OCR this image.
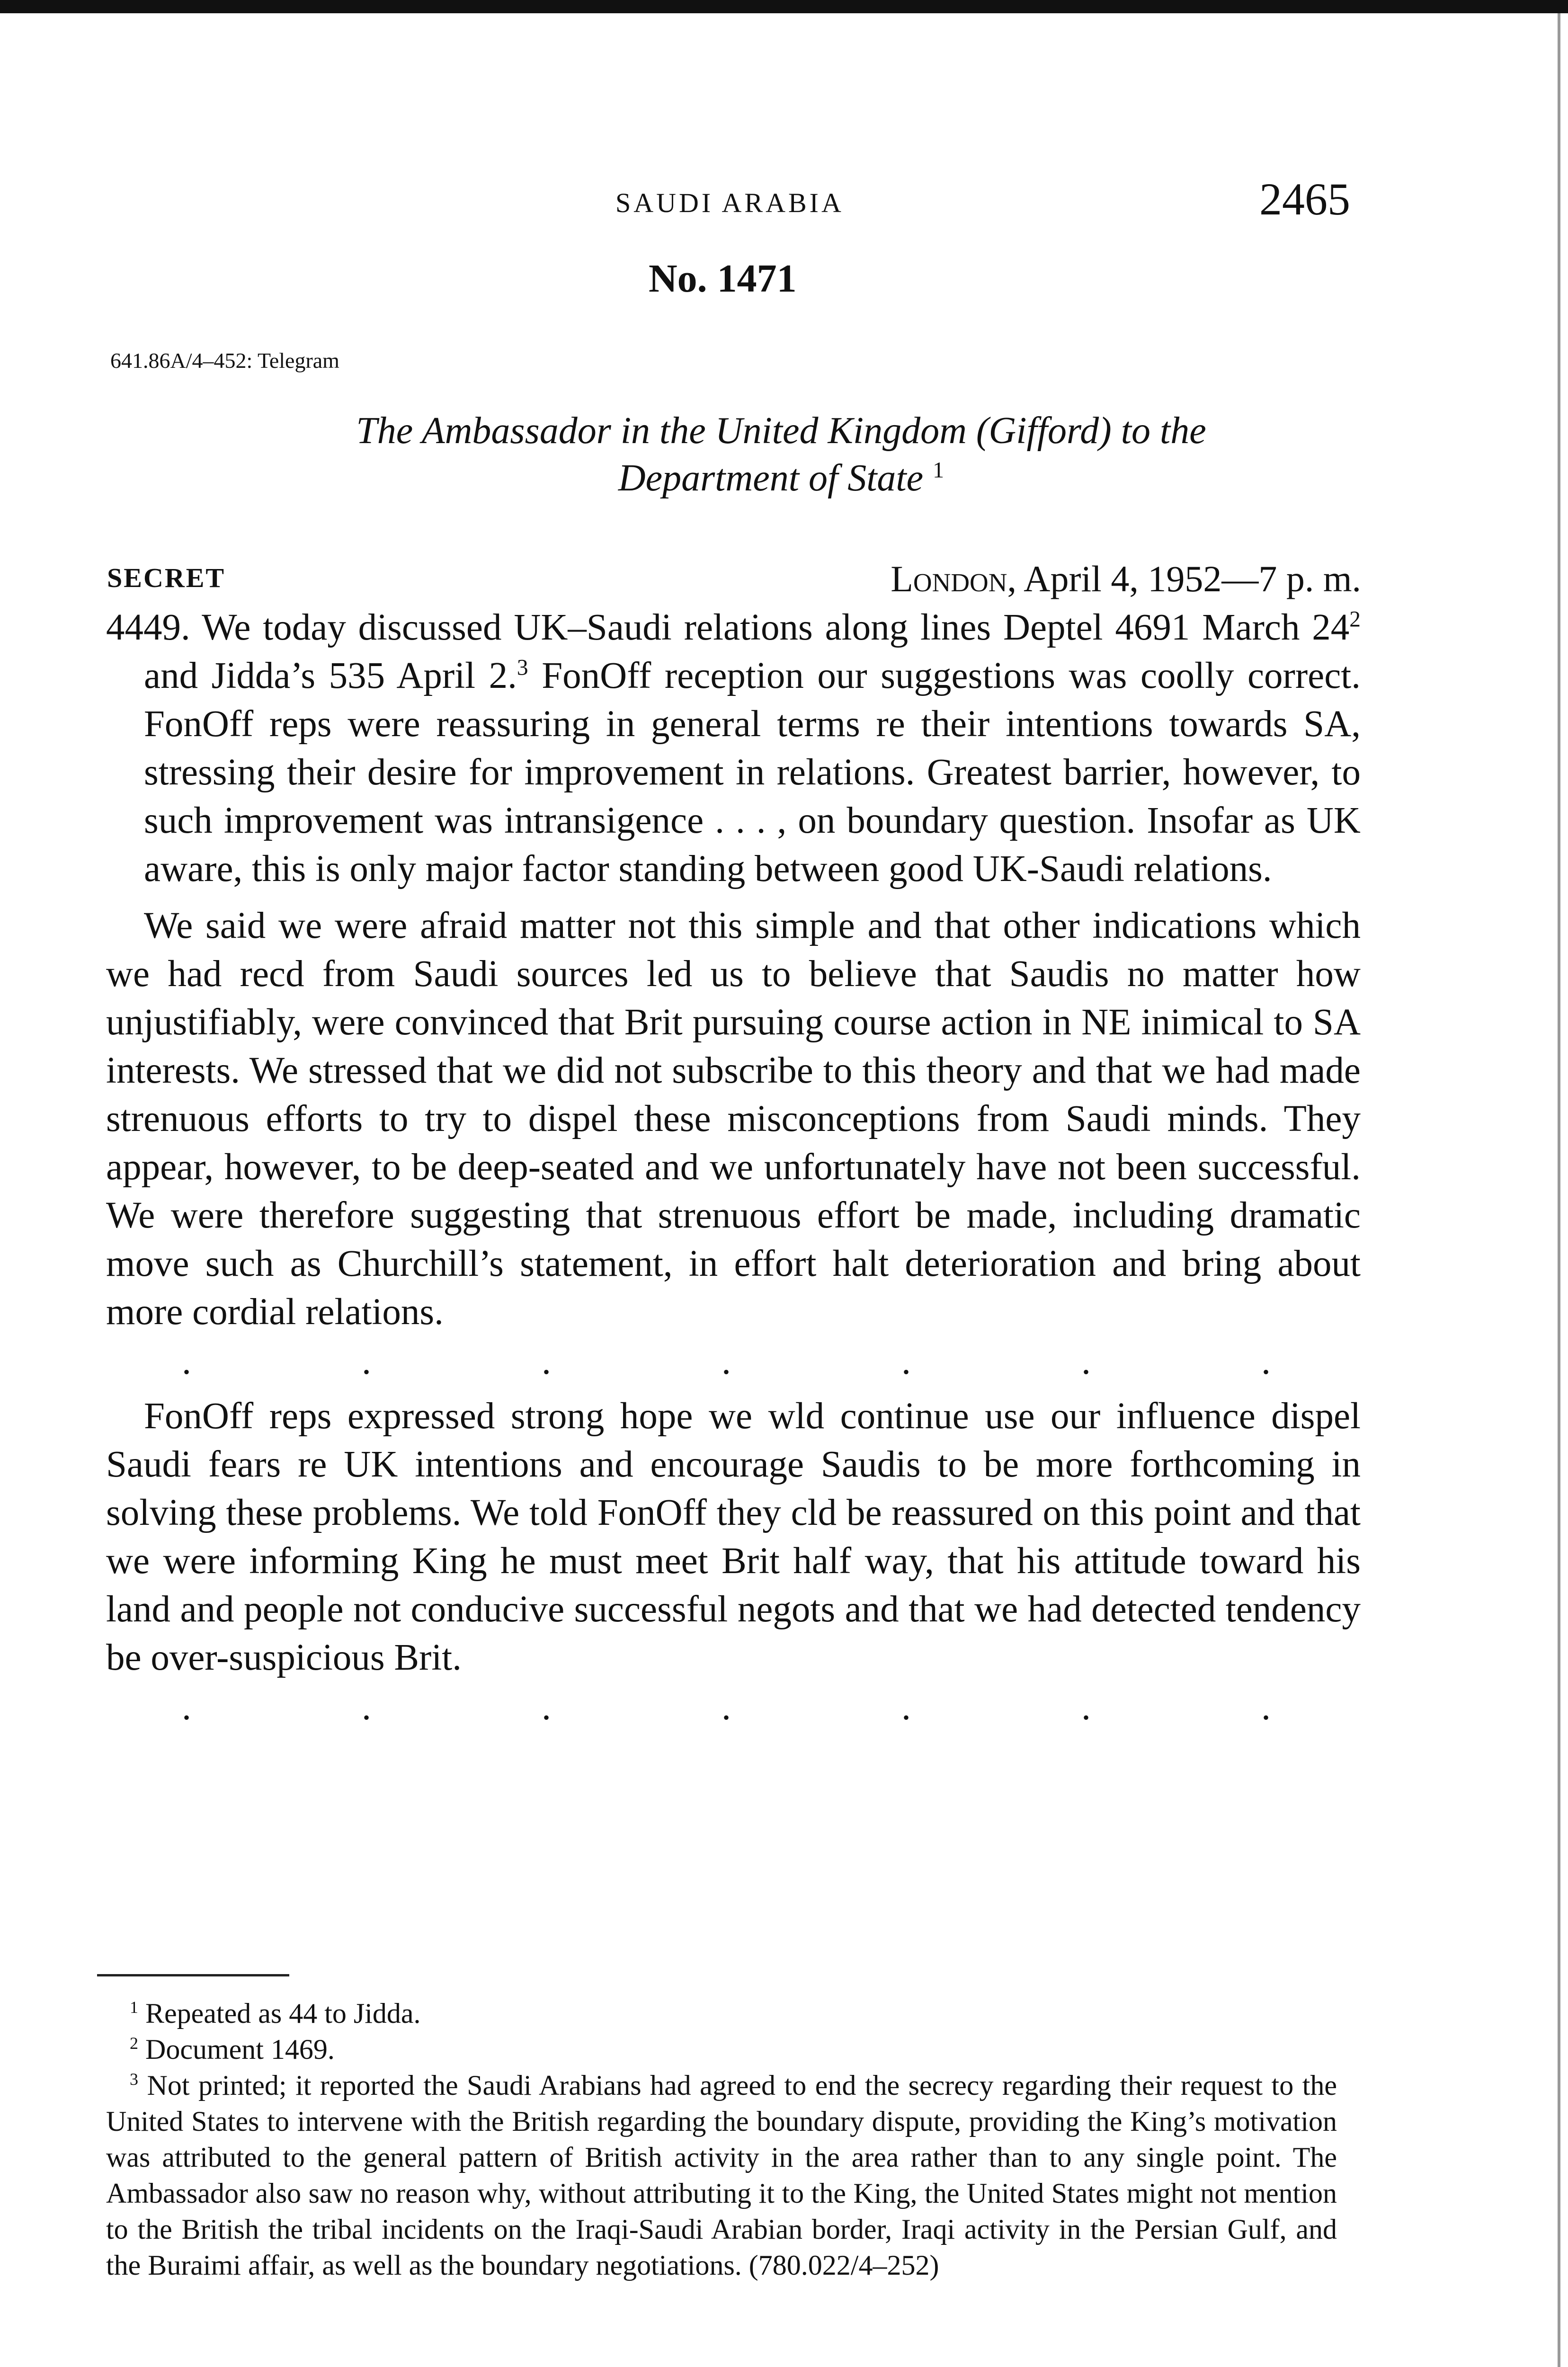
SAUDI ARABIA	2465
No. 1471
641.86A/4–452: Telegram
The Ambassador in the United Kingdom (Gifford) to the
Department of State $^1$
SECRET	London, April 4, 1952—7 p. m.

4449. We today discussed UK–Saudi relations along lines Deptel 4691 March $24^2$ and Jidda’s 535 April 2.$^3$ FonOff reception our suggestions was coolly correct. FonOff reps were reassuring in general terms re their intentions towards SA, stressing their desire for improvement in relations. Greatest barrier, however, to such improvement was intransigence . . . , on boundary question. Insofar as UK aware, this is only major factor standing between good UK-Saudi relations.

We said we were afraid matter not this simple and that other indications which we had recd from Saudi sources led us to believe that Saudis no matter how unjustifiably, were convinced that Brit pursuing course action in NE inimical to SA interests. We stressed that we did not subscribe to this theory and that we had made strenuous efforts to try to dispel these misconceptions from Saudi minds. They appear, however, to be deep-seated and we unfortunately have not been successful. We were therefore suggesting that strenuous effort be made, including dramatic move such as Churchill’s statement, in effort halt deterioration and bring about more cordial relations.

.	.	.	.	.	.	.

FonOff reps expressed strong hope we wld continue use our influence dispel Saudi fears re UK intentions and encourage Saudis to be more forthcoming in solving these problems. We told FonOff they cld be reassured on this point and that we were informing King he must meet Brit half way, that his attitude toward his land and people not conducive successful negots and that we had detected tendency be over-suspicious Brit.

.	.	.	.	.	.	.

$^1$ Repeated as 44 to Jidda.

$^2$ Document 1469.

$^3$ Not printed; it reported the Saudi Arabians had agreed to end the secrecy regarding their request to the United States to intervene with the British regarding the boundary dispute, providing the King’s motivation was attributed to the general pattern of British activity in the area rather than to any single point. The Ambassador also saw no reason why, without attributing it to the King, the United States might not mention to the British the tribal incidents on the Iraqi-Saudi Arabian border, Iraqi activity in the Persian Gulf, and the Buraimi affair, as well as the boundary negotiations. (780.022/4–252)
